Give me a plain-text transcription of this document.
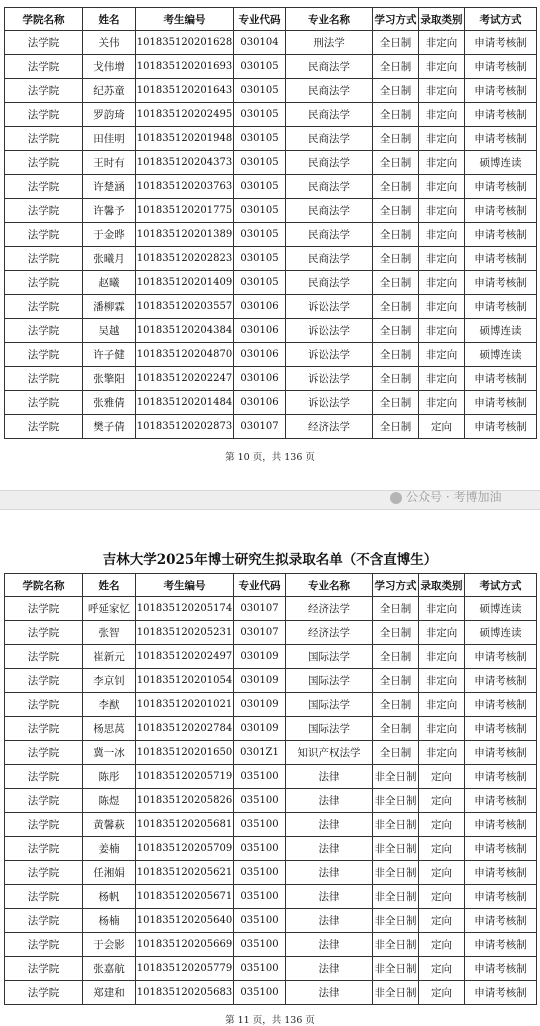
学院名称	姓名	考生编号	专业代码	专业名称	学习方式	录取类别	考试方式
法学院	关伟	101835120201628	030104	刑法学	全日制	非定向	申请考核制
法学院	戈伟增	101835120201693	030105	民商法学	全日制	非定向	申请考核制
法学院	纪苏童	101835120201643	030105	民商法学	全日制	非定向	申请考核制
法学院	罗韵琦	101835120202495	030105	民商法学	全日制	非定向	申请考核制
法学院	田佳明	101835120201948	030105	民商法学	全日制	非定向	申请考核制
法学院	王时有	101835120204373	030105	民商法学	全日制	非定向	硕博连读
法学院	许楚涵	101835120203763	030105	民商法学	全日制	非定向	申请考核制
法学院	许馨予	101835120201775	030105	民商法学	全日制	非定向	申请考核制
法学院	于金晔	101835120201389	030105	民商法学	全日制	非定向	申请考核制
法学院	张曦月	101835120202823	030105	民商法学	全日制	非定向	申请考核制
法学院	赵曦	101835120201409	030105	民商法学	全日制	非定向	申请考核制
法学院	潘柳霖	101835120203557	030106	诉讼法学	全日制	非定向	申请考核制
法学院	吴越	101835120204384	030106	诉讼法学	全日制	非定向	硕博连读
法学院	许子健	101835120204870	030106	诉讼法学	全日制	非定向	硕博连读
法学院	张擎阳	101835120202247	030106	诉讼法学	全日制	非定向	申请考核制
法学院	张雅倩	101835120201484	030106	诉讼法学	全日制	非定向	申请考核制
法学院	樊子倩	101835120202873	030107	经济法学	全日制	定向	申请考核制
第 10 页，共 136 页
吉林大学2025年博士研究生拟录取名单（不含直博生）
学院名称	姓名	考生编号	专业代码	专业名称	学习方式	录取类别	考试方式
法学院	呼延家忆	101835120205174	030107	经济法学	全日制	非定向	硕博连读
法学院	张智	101835120205231	030107	经济法学	全日制	非定向	硕博连读
法学院	崔新元	101835120202497	030109	国际法学	全日制	非定向	申请考核制
法学院	李京钊	101835120201054	030109	国际法学	全日制	非定向	申请考核制
法学院	李猷	101835120201021	030109	国际法学	全日制	非定向	申请考核制
法学院	杨思莴	101835120202784	030109	国际法学	全日制	非定向	申请考核制
法学院	冀一冰	101835120201650	0301Z1	知识产权法学	全日制	非定向	申请考核制
法学院	陈彤	101835120205719	035100	法律	非全日制	定向	申请考核制
法学院	陈煜	101835120205826	035100	法律	非全日制	定向	申请考核制
法学院	黄馨萩	101835120205681	035100	法律	非全日制	定向	申请考核制
法学院	姜楠	101835120205709	035100	法律	非全日制	定向	申请考核制
法学院	任湘娟	101835120205621	035100	法律	非全日制	定向	申请考核制
法学院	杨帆	101835120205671	035100	法律	非全日制	定向	申请考核制
法学院	杨楠	101835120205640	035100	法律	非全日制	定向	申请考核制
法学院	于会影	101835120205669	035100	法律	非全日制	定向	申请考核制
法学院	张嘉航	101835120205779	035100	法律	非全日制	定向	申请考核制
法学院	郑建和	101835120205683	035100	法律	非全日制	定向	申请考核制
第 11 页，共 136 页
公众号 · 考博加油
